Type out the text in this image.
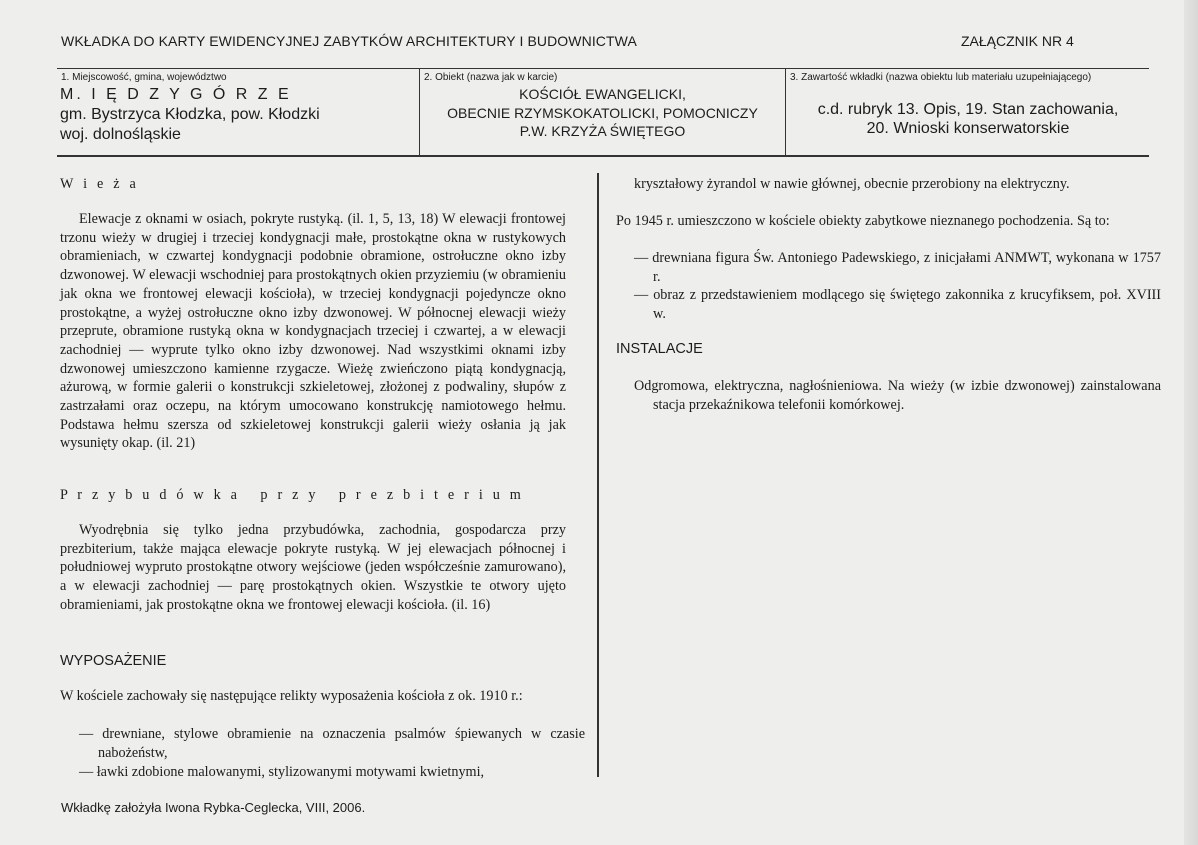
WKŁADKA DO KARTY EWIDENCYJNEJ ZABYTKÓW ARCHITEKTURY I BUDOWNICTWA	ZAŁĄCZNIK NR 4
1. Miejscowość, gmina, województwo
M. I Ę D Z Y G Ó R Z E
gm. Bystrzyca Kłodzka, pow. Kłodzki
woj. dolnośląskie
2. Obiekt (nazwa jak w karcie)
KOŚCIÓŁ EWANGELICKI,
OBECNIE RZYMSKOKATOLICKI, POMOCNICZY
P.W. KRZYŻA ŚWIĘTEGO
3. Zawartość wkładki (nazwa obiektu lub materiału uzupełniającego)
c.d. rubryk 13. Opis, 19. Stan zachowania,
20. Wnioski konserwatorskie
W i e ż a

Elewacje z oknami w osiach, pokryte rustyką. (il. 1, 5, 13, 18) W elewacji frontowej trzonu wieży w drugiej i trzeciej kondygnacji małe, prostokątne okna w rustykowych obramieniach, w czwartej kondygnacji podobnie obramione, ostrołuczne okno izby dzwonowej. W elewacji wschodniej para prostokątnych okien przyziemiu (w obramieniu jak okna we frontowej elewacji kościoła), w trzeciej kondygnacji pojedyncze okno prostokątne, a wyżej ostrołuczne okno izby dzwonowej. W północnej elewacji wieży przeprute, obramione rustyką okna w kondygnacjach trzeciej i czwartej, a w elewacji zachodniej — wyprute tylko okno izby dzwonowej. Nad wszystkimi oknami izby dzwonowej umieszczono kamienne rzygacze. Wieżę zwieńczono piątą kondygnacją, ażurową, w formie galerii o konstrukcji szkieletowej, złożonej z podwaliny, słupów z zastrzałami oraz oczepu, na którym umocowano konstrukcję namiotowego hełmu. Podstawa hełmu szersza od szkieletowej konstrukcji galerii wieży osłania ją jak wysunięty okap. (il. 21)

P r z y b u d ó w k a   p r z y   p r e z b i t e r i u m

Wyodrębnia się tylko jedna przybudówka, zachodnia, gospodarcza przy prezbiterium, także mająca elewacje pokryte rustyką. W jej elewacjach północnej i południowej wypruto prostokątne otwory wejściowe (jeden współcześnie zamurowano), a w elewacji zachodniej — parę prostokątnych okien. Wszystkie te otwory ujęto obramieniami, jak prostokątne okna we frontowej elewacji kościoła. (il. 16)

WYPOSAŻENIE

W kościele zachowały się następujące relikty wyposażenia kościoła z ok. 1910 r.:

— drewniane, stylowe obramienie na oznaczenia psalmów śpiewanych w czasie nabożeństw,

— ławki zdobione malowanymi, stylizowanymi motywami kwietnymi,

kryształowy żyrandol w nawie głównej, obecnie przerobiony na elektryczny.

Po 1945 r. umieszczono w kościele obiekty zabytkowe nieznanego pochodzenia. Są to:

— drewniana figura Św. Antoniego Padewskiego, z inicjałami ANMWT, wykonana w 1757 r.

— obraz z przedstawieniem modlącego się świętego zakonnika z krucyfiksem, poł. XVIII w.

INSTALACJE

Odgromowa, elektryczna, nagłośnieniowa. Na wieży (w izbie dzwonowej) zainstalowana stacja przekaźnikowa telefonii komórkowej.

Wkładkę założyła Iwona Rybka-Ceglecka, VIII, 2006.
